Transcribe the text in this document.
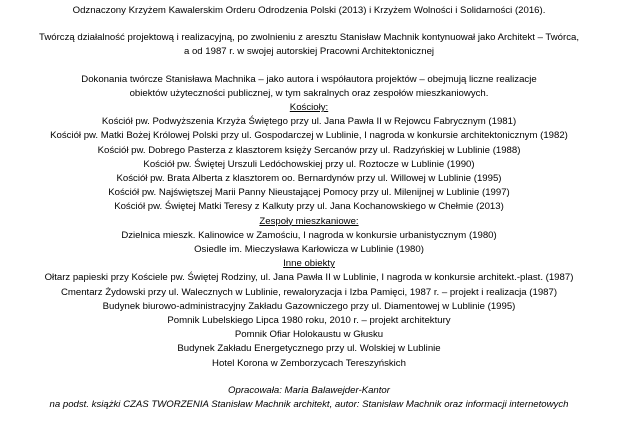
Odznaczony Krzyżem Kawalerskim Orderu Odrodzenia Polski (2013) i Krzyżem Wolności i Solidarności (2016).
Twórczą działalność projektową i realizacyjną, po zwolnieniu z aresztu Stanisław Machnik kontynuował jako Architekt – Twórca,
a od 1987 r. w swojej autorskiej Pracowni Architektonicznej
Dokonania twórcze Stanisława Machnika – jako autora i współautora projektów – obejmują liczne realizacje
obiektów użyteczności publicznej, w tym sakralnych oraz zespołów mieszkaniowych.
Kościoły:
Kościół pw. Podwyższenia Krzyża Świętego przy ul. Jana Pawła II w Rejowcu Fabrycznym (1981)
Kościół pw. Matki Bożej Królowej Polski przy ul. Gospodarczej w Lublinie, I nagroda w konkursie architektonicznym (1982)
Kościół pw. Dobrego Pasterza z klasztorem księży Sercanów przy ul. Radzyńskiej w Lublinie (1988)
Kościół pw. Świętej Urszuli Ledóchowskiej przy ul. Roztocze w Lublinie (1990)
Kościół pw. Brata Alberta z klasztorem oo. Bernardynów przy ul. Willowej w Lublinie (1995)
Kościół pw. Najświętszej Marii Panny Nieustającej Pomocy przy ul. Milenijnej w Lublinie (1997)
Kościół pw. Świętej Matki Teresy z Kalkuty przy ul. Jana Kochanowskiego w Chełmie (2013)
Zespoły mieszkaniowe:
Dzielnica mieszk. Kalinowice w Zamościu, I nagroda w konkursie urbanistycznym (1980)
Osiedle im. Mieczysława Karłowicza w Lublinie (1980)
Inne obiekty
Ołtarz papieski przy Kościele pw. Świętej Rodziny, ul. Jana Pawła II w Lublinie, I nagroda w konkursie architekt.-plast. (1987)
Cmentarz Żydowski przy ul. Walecznych w Lublinie, rewaloryzacja i Izba Pamięci, 1987 r. – projekt i realizacja (1987)
Budynek biurowo-administracyjny Zakładu Gazowniczego przy ul. Diamentowej w Lublinie (1995)
Pomnik Lubelskiego Lipca 1980 roku, 2010 r. – projekt architektury
Pomnik Ofiar Holokaustu w Głusku
Budynek Zakładu Energetycznego przy ul. Wolskiej w Lublinie
Hotel Korona w Zemborzycach Tereszyńskich
Opracowała: Maria Balawejder-Kantor
na podst. książki CZAS TWORZENIA Stanisław Machnik architekt, autor: Stanisław Machnik oraz informacji internetowych
